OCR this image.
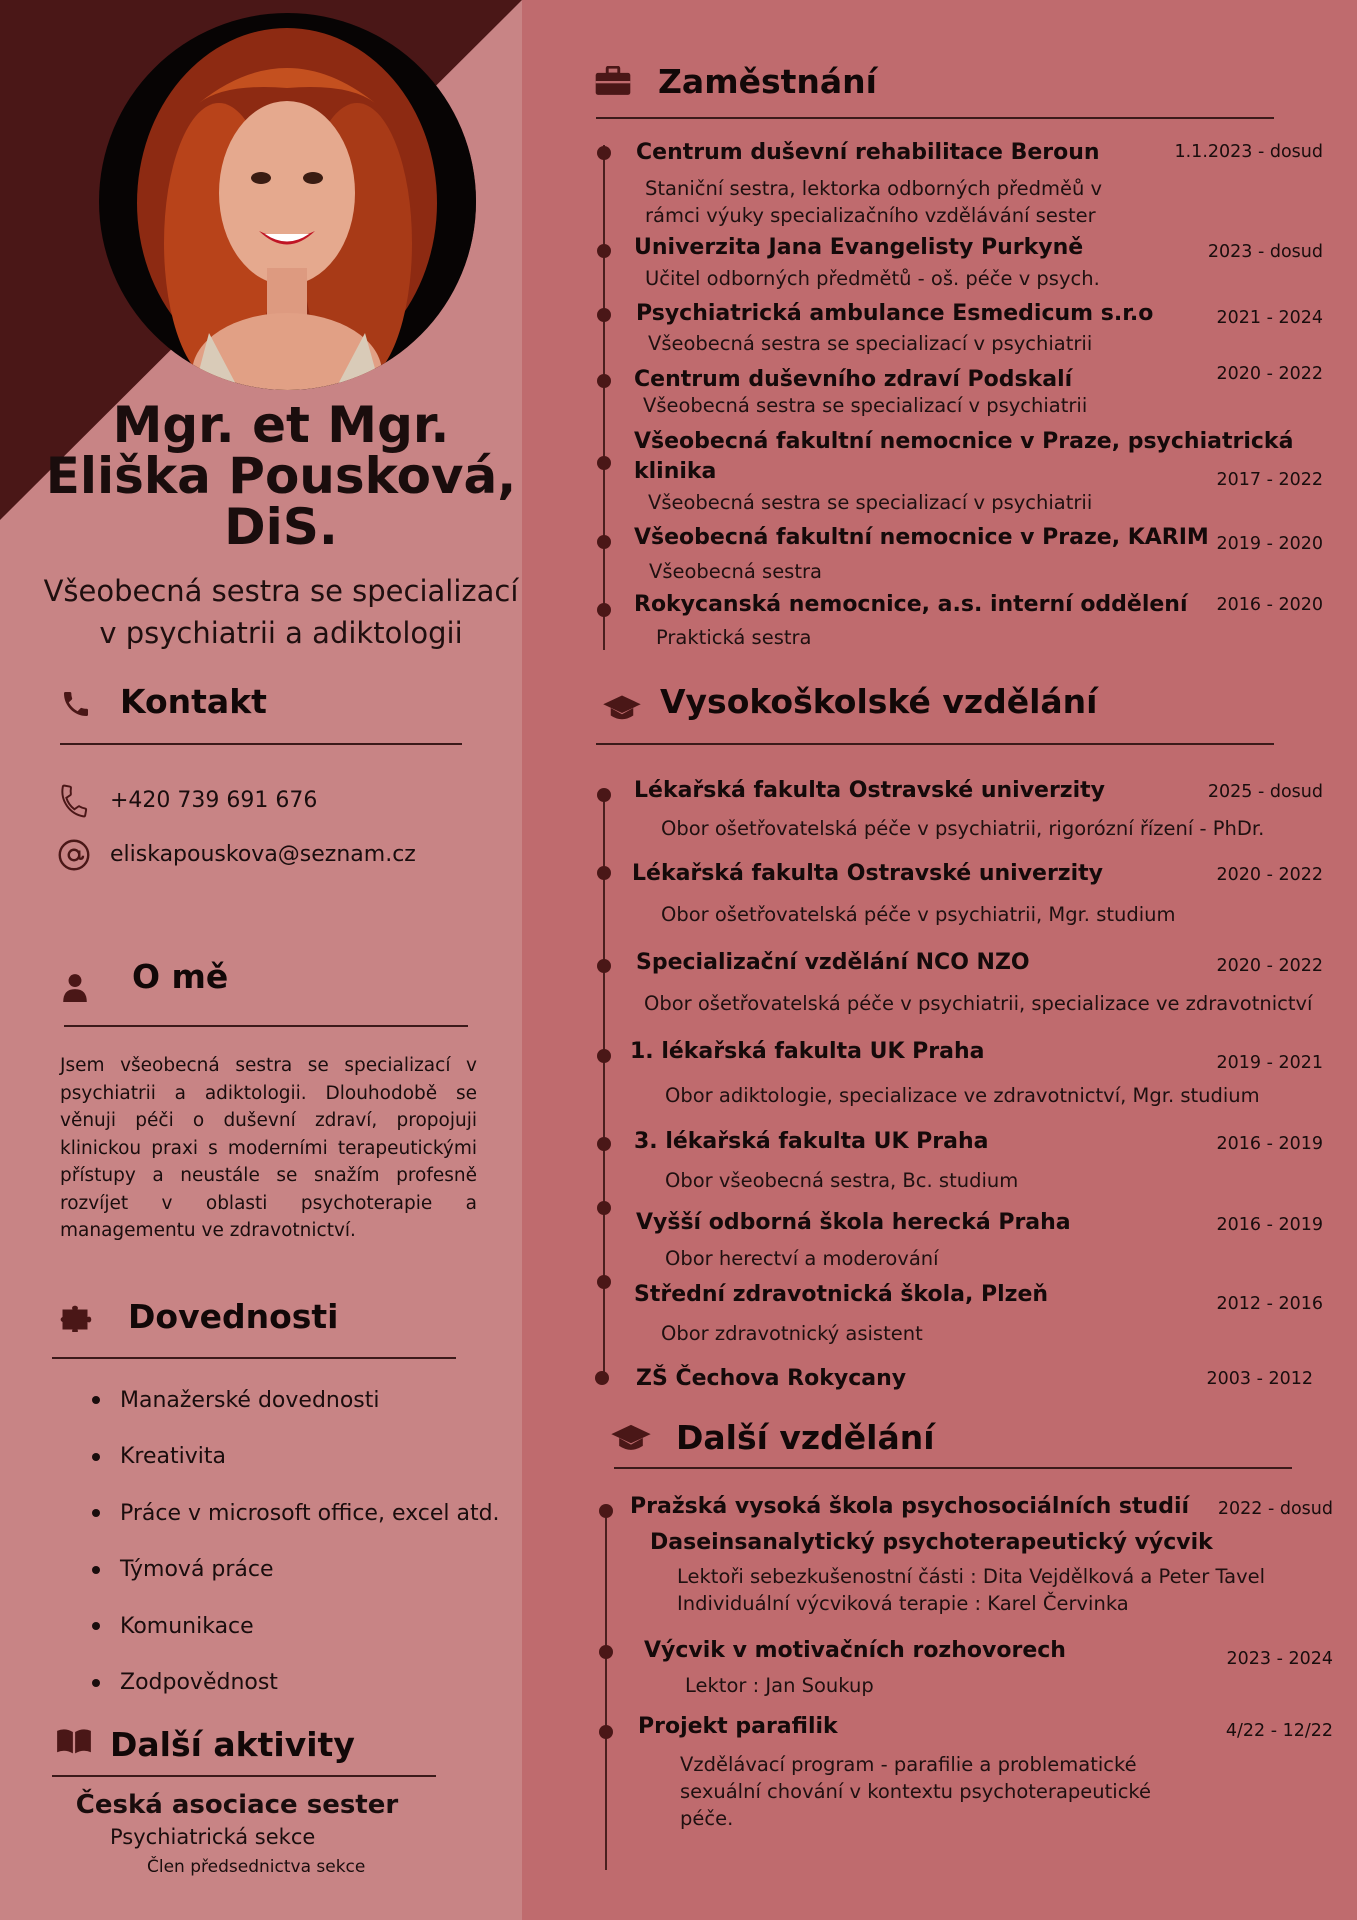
Mgr. et Mgr.
Eliška Pousková,
DiS.
Všeobecná sestra se specializací
v psychiatrii a adiktologii
Kontakt
+420 739 691 676
eliskapouskova@seznam.cz
O mě
Jsem všeobecná sestra se specializací v psychiatrii a adiktologii. Dlouhodobě se věnuji péči o duševní zdraví, propojuji klinickou praxi s moderními terapeutickými přístupy a neustále se snažím profesně rozvíjet v oblasti psychoterapie a managementu ve zdravotnictví.
Dovednosti
Manažerské dovednosti
Kreativita
Práce v microsoft office, excel atd.
Týmová práce
Komunikace
Zodpovědnost
Další aktivity
Česká asociace sester
Psychiatrická sekce
Člen předsednictva sekce
Zaměstnání
Centrum duševní rehabilitace Beroun	1.1.2023 - dosud
Staniční sestra, lektorka odborných předměů v
rámci výuky specializačního vzdělávání sester
Univerzita Jana Evangelisty Purkyně	2023 - dosud
Učitel odborných předmětů - oš. péče v psych.
Psychiatrická ambulance Esmedicum s.r.o	2021 - 2024
Všeobecná sestra se specializací v psychiatrii
Centrum duševního zdraví Podskalí	2020 - 2022
Všeobecná sestra se specializací v psychiatrii
Všeobecná fakultní nemocnice v Praze, psychiatrická klinika	2017 - 2022
Všeobecná sestra se specializací v psychiatrii
Všeobecná fakultní nemocnice v Praze, KARIM 2019 - 2020
Všeobecná sestra
Rokycanská nemocnice, a.s. interní oddělení	2016 - 2020
Praktická sestra
Vysokoškolské vzdělání
Lékařská fakulta Ostravské univerzity	2025 - dosud
Obor ošetřovatelská péče v psychiatrii, rigorózní řízení - PhDr.
Lékařská fakulta Ostravské univerzity	2020 - 2022
Obor ošetřovatelská péče v psychiatrii, Mgr. studium
Specializační vzdělání NCO NZO	2020 - 2022
Obor ošetřovatelská péče v psychiatrii, specializace ve zdravotnictví
1. lékařská fakulta UK Praha	2019 - 2021
Obor adiktologie, specializace ve zdravotnictví, Mgr. studium
3. lékařská fakulta UK Praha	2016 - 2019
Obor všeobecná sestra, Bc. studium
Vyšší odborná škola herecká Praha	2016 - 2019
Obor herectví a moderování
Střední zdravotnická škola, Plzeň	2012 - 2016
Obor zdravotnický asistent
ZŠ Čechova Rokycany	2003 - 2012
Další vzdělání
Pražská vysoká škola psychosociálních studií	2022 - dosud
Daseinsanalytický psychoterapeutický výcvik
Lektoři sebezkušenostní části : Dita Vejdělková a Peter Tavel
Individuální výcviková terapie : Karel Červinka
Výcvik v motivačních rozhovorech	2023 - 2024
Lektor : Jan Soukup
Projekt parafilik	4/22 - 12/22
Vzdělávací program - parafilie a problematické
sexuální chování v kontextu psychoterapeutické
péče.
